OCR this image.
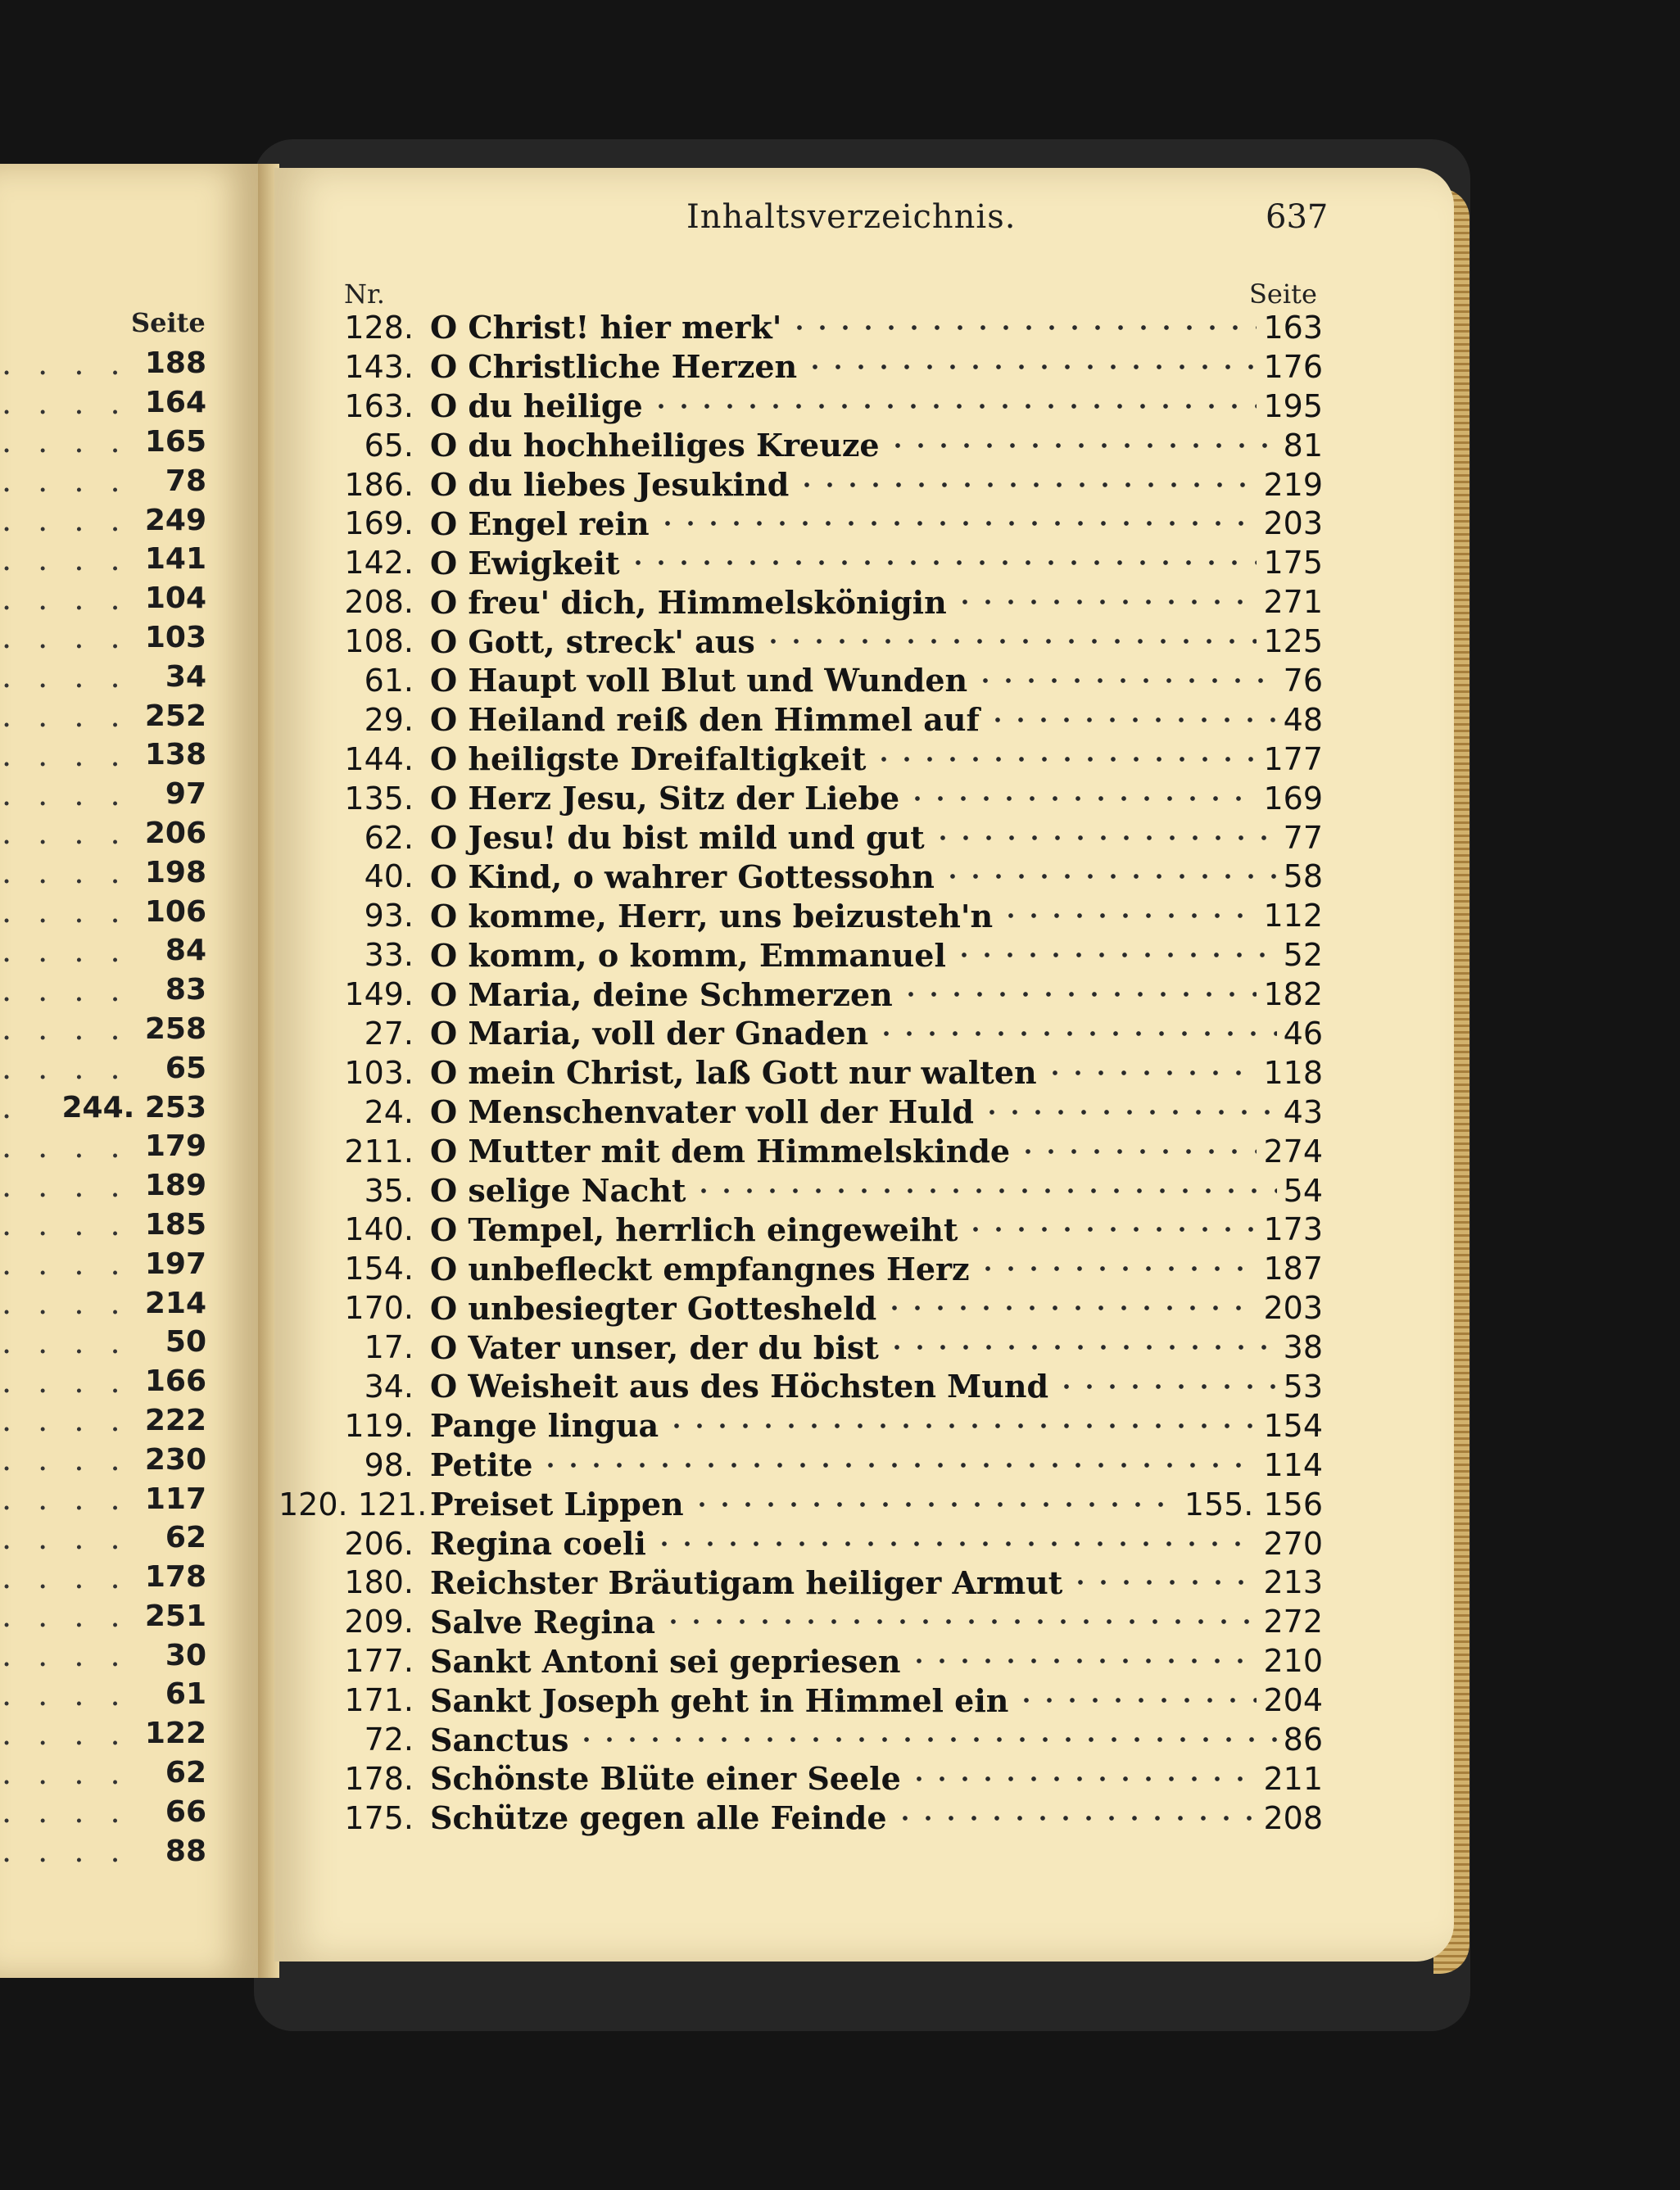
Seite
. . . . 188
. . . . 164
. . . . 165
. . . . 78
. . . . 249
. . . . 141
. . . . 104
. . . . 103
. . . . 34
. . . . 252
. . . . 138
. . . . 97
. . . . 206
. . . . 198
. . . . 106
. . . . 84
. . . . 83
. . . . 258
. . . . 65
. 244. 253
. . . . 179
. . . . 189
. . . . 185
. . . . 197
. . . . 214
. . . . 50
. . . . 166
. . . . 222
. . . . 230
. . . . 117
. . . . 62
. . . . 178
. . . . 251
. . . . 30
. . . . 61
. . . . 122
. . . . 62
. . . . 66
. . . . 88
Inhaltsverzeichnis.	637
Nr.	Seite
128. O Christ! hier merk'	163
143. O Christliche Herzen	176
163. O du heilige	195
65. O du hochheiliges Kreuze	81
186. O du liebes Jesukind	219
169. O Engel rein	203
142. O Ewigkeit	175
208. O freu' dich, Himmelskönigin	271
108. O Gott, streck' aus	125
61. O Haupt voll Blut und Wunden	76
29. O Heiland reiß den Himmel auf	48
144. O heiligste Dreifaltigkeit	177
135. O Herz Jesu, Sitz der Liebe	169
62. O Jesu! du bist mild und gut	77
40. O Kind, o wahrer Gottessohn	58
93. O komme, Herr, uns beizusteh'n	112
33. O komm, o komm, Emmanuel	52
149. O Maria, deine Schmerzen	182
27. O Maria, voll der Gnaden	46
103. O mein Christ, laß Gott nur walten	118
24. O Menschenvater voll der Huld	43
211. O Mutter mit dem Himmelskinde	274
35. O selige Nacht	54
140. O Tempel, herrlich eingeweiht	173
154. O unbefleckt empfangnes Herz	187
170. O unbesiegter Gottesheld	203
17. O Vater unser, der du bist	38
34. O Weisheit aus des Höchsten Mund	53
119. Pange lingua	154
98. Petite	114
120. 121. Preiset Lippen	155. 156
206. Regina coeli	270
180. Reichster Bräutigam heiliger Armut	213
209. Salve Regina	272
177. Sankt Antoni sei gepriesen	210
171. Sankt Joseph geht in Himmel ein	204
72. Sanctus	86
178. Schönste Blüte einer Seele	211
175. Schütze gegen alle Feinde	208
